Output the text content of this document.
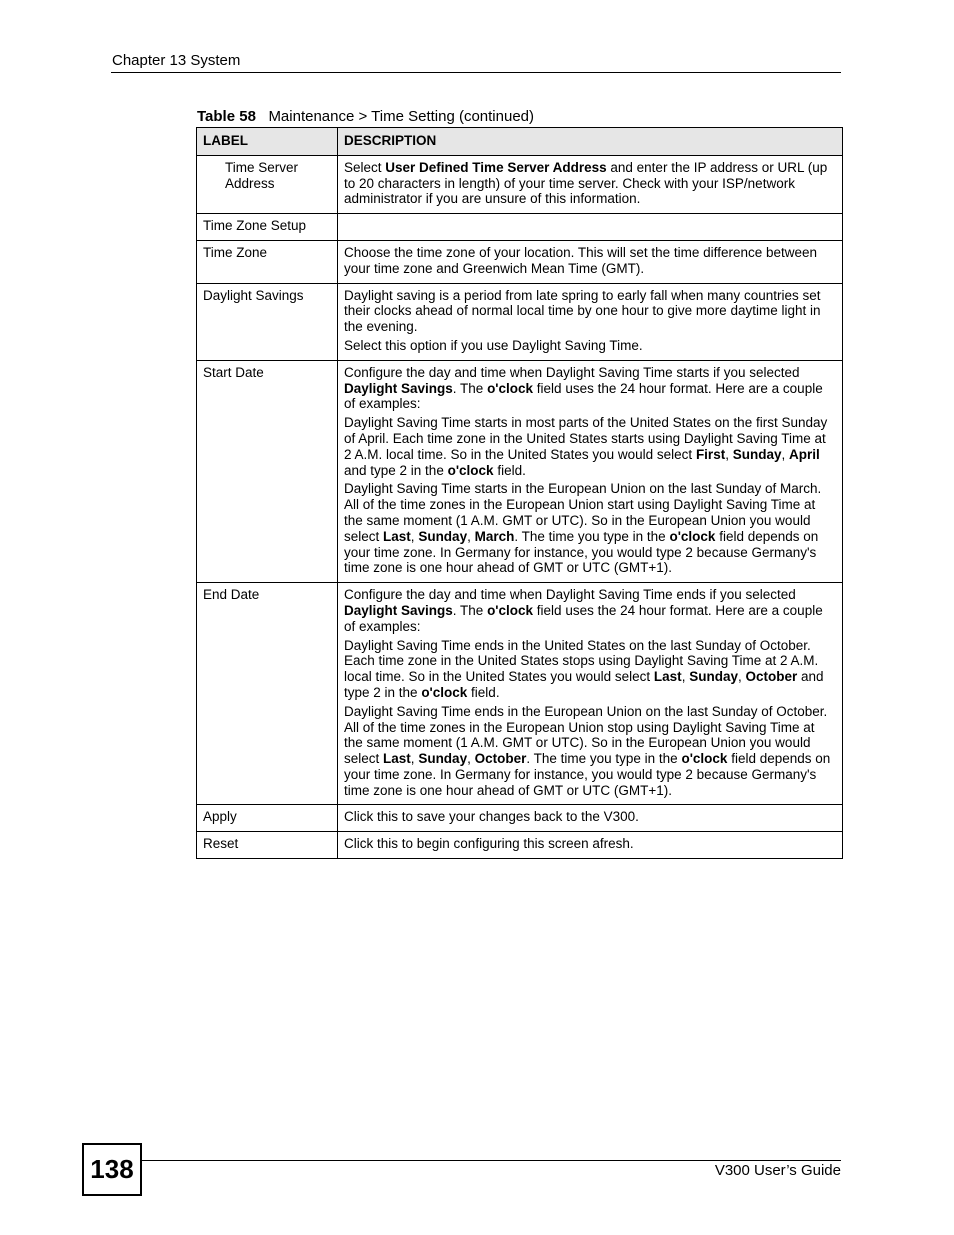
Chapter 13 System
Table 58 Maintenance > Time Setting (continued)
LABEL	DESCRIPTION
Time Server Address	Select User Defined Time Server Address and enter the IP address or URL (up to 20 characters in length) of your time server. Check with your ISP/network administrator if you are unsure of this information.

Time Zone Setup	
Time Zone	Choose the time zone of your location. This will set the time difference between your time zone and Greenwich Mean Time (GMT).

Daylight Savings	Daylight saving is a period from late spring to early fall when many countries set their clocks ahead of normal local time by one hour to give more daytime light in the evening.
Select this option if you use Daylight Saving Time.

Start Date	Configure the day and time when Daylight Saving Time starts if you selected Daylight Savings. The o'clock field uses the 24 hour format. Here are a couple of examples:
Daylight Saving Time starts in most parts of the United States on the first Sunday of April. Each time zone in the United States starts using Daylight Saving Time at 2 A.M. local time. So in the United States you would select First, Sunday, April and type 2 in the o'clock field.
Daylight Saving Time starts in the European Union on the last Sunday of March. All of the time zones in the European Union start using Daylight Saving Time at the same moment (1 A.M. GMT or UTC). So in the European Union you would select Last, Sunday, March. The time you type in the o'clock field depends on your time zone. In Germany for instance, you would type 2 because Germany's time zone is one hour ahead of GMT or UTC (GMT+1).

End Date	Configure the day and time when Daylight Saving Time ends if you selected Daylight Savings. The o'clock field uses the 24 hour format. Here are a couple of examples:
Daylight Saving Time ends in the United States on the last Sunday of October. Each time zone in the United States stops using Daylight Saving Time at 2 A.M. local time. So in the United States you would select Last, Sunday, October and type 2 in the o'clock field.
Daylight Saving Time ends in the European Union on the last Sunday of October. All of the time zones in the European Union stop using Daylight Saving Time at the same moment (1 A.M. GMT or UTC). So in the European Union you would select Last, Sunday, October. The time you type in the o'clock field depends on your time zone. In Germany for instance, you would type 2 because Germany's time zone is one hour ahead of GMT or UTC (GMT+1).

Apply	Click this to save your changes back to the V300.

Reset	Click this to begin configuring this screen afresh.
138	V300 User’s Guide
